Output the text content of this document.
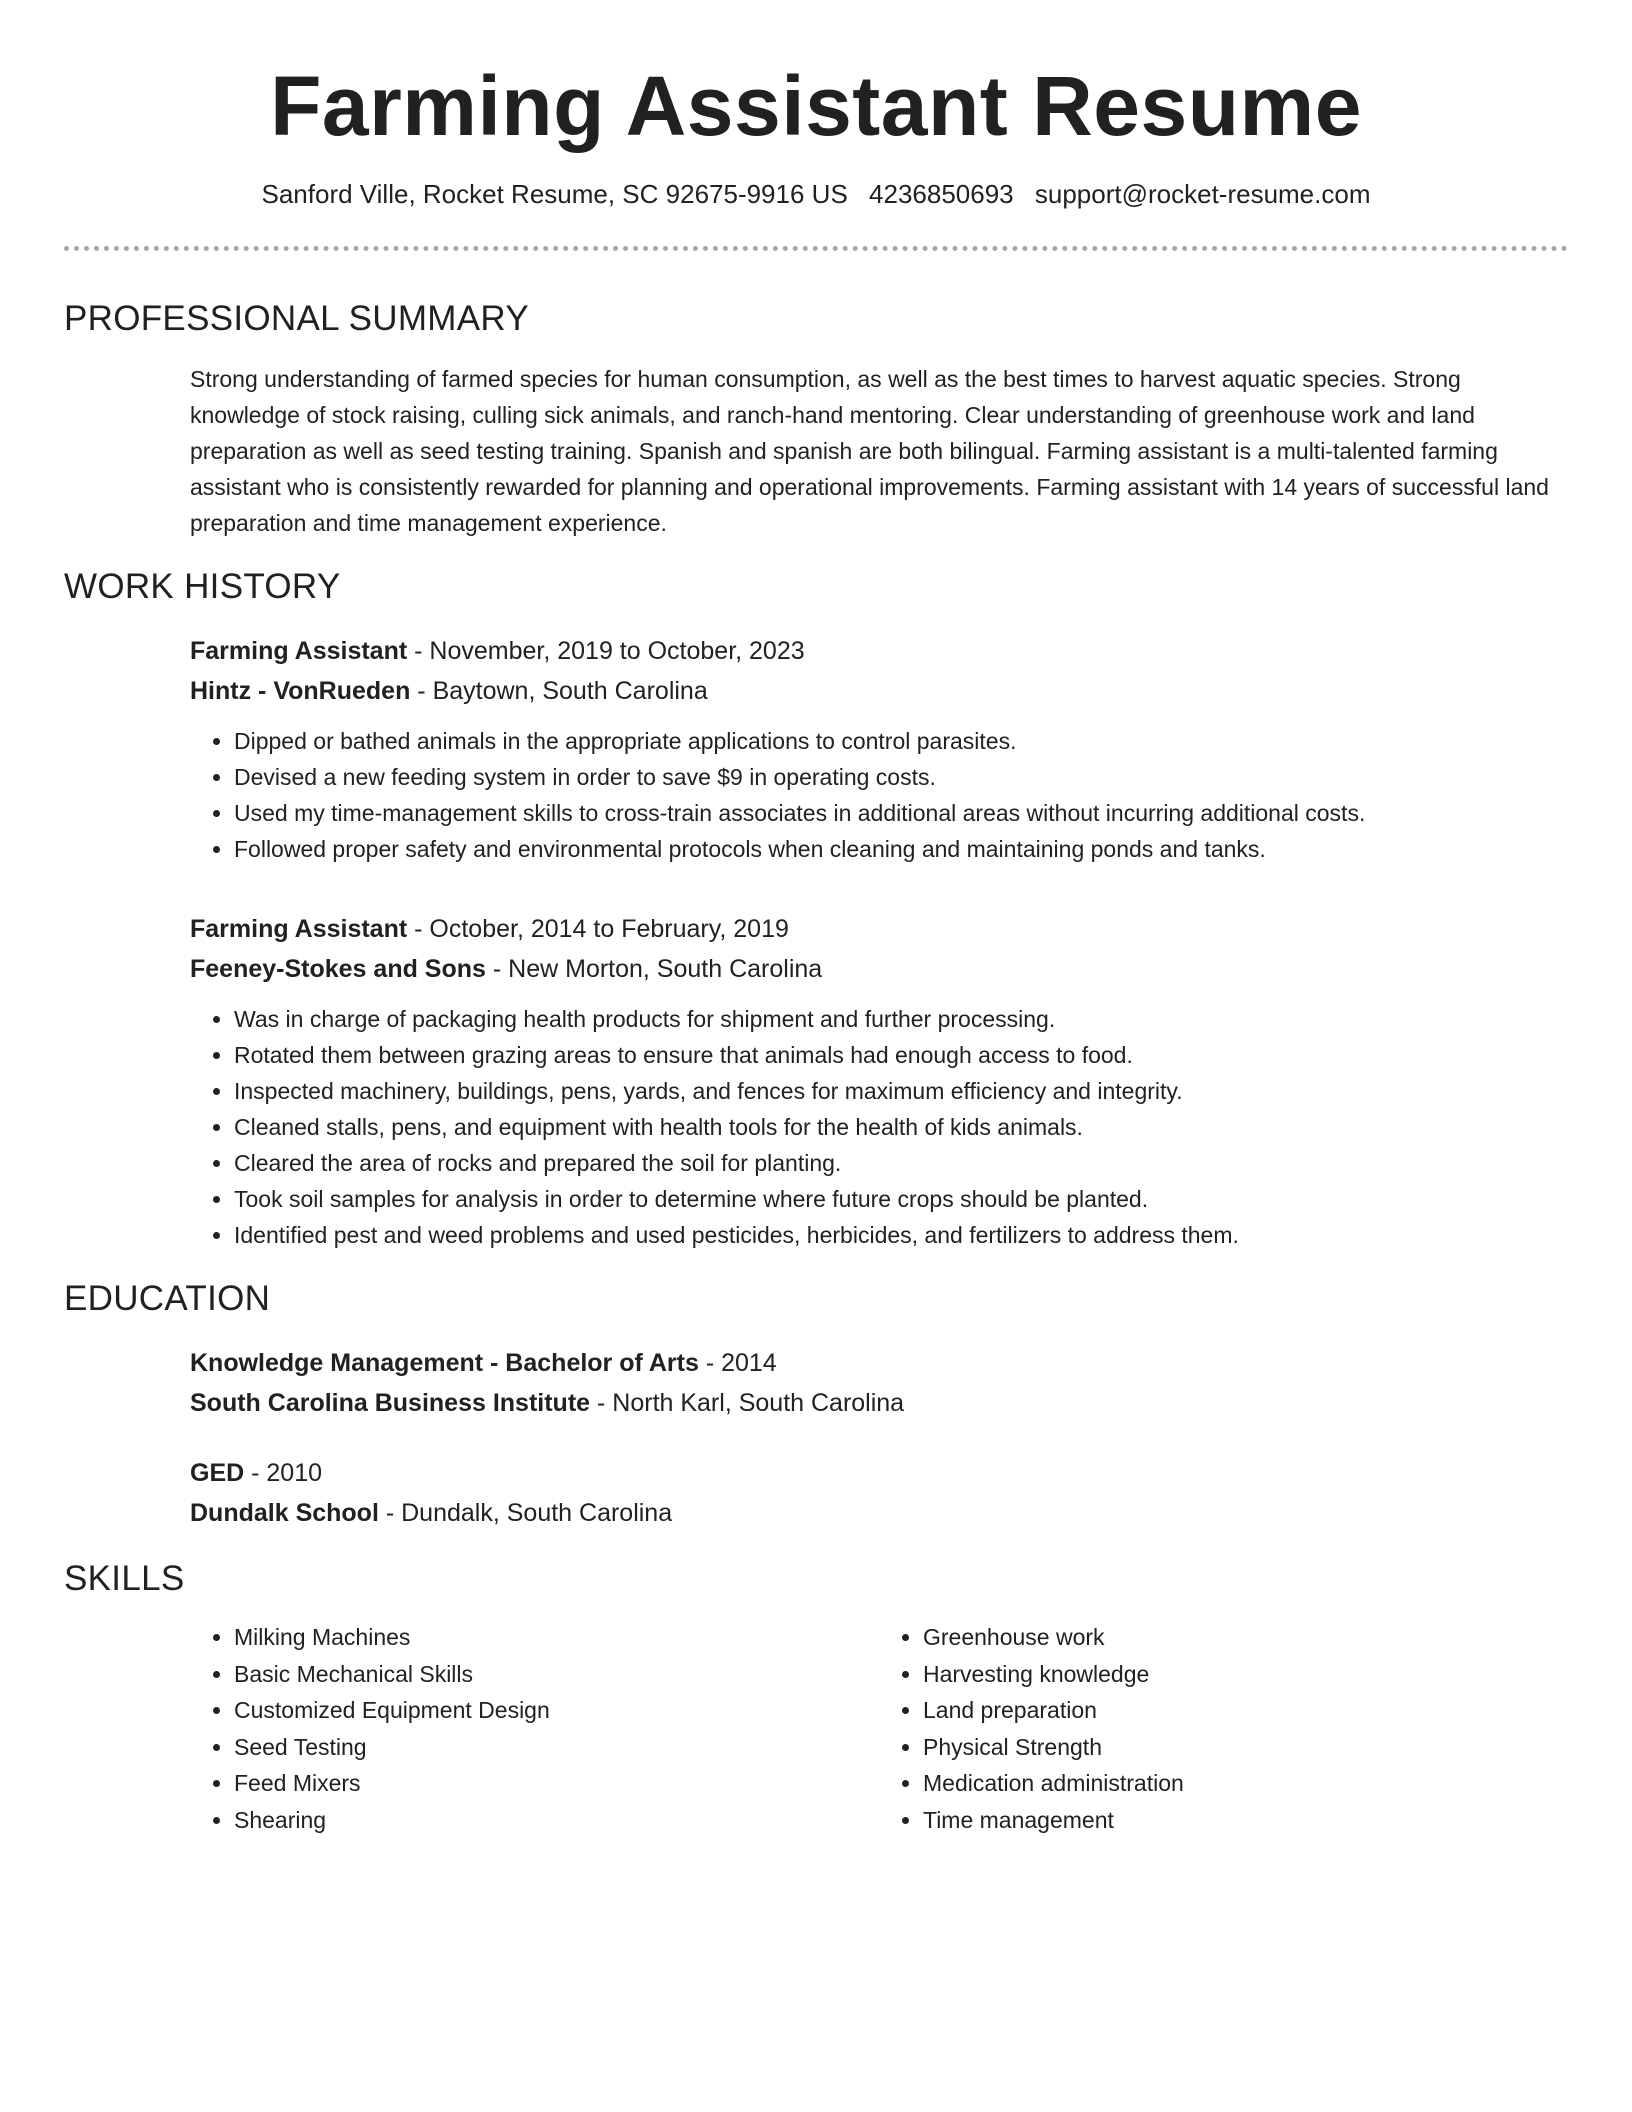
Farming Assistant Resume
Sanford Ville, Rocket Resume, SC 92675-9916 US 4236850693 support@rocket-resume.com
PROFESSIONAL SUMMARY
Strong understanding of farmed species for human consumption, as well as the best times to harvest aquatic species. Strong knowledge of stock raising, culling sick animals, and ranch-hand mentoring. Clear understanding of greenhouse work and land preparation as well as seed testing training. Spanish and spanish are both bilingual. Farming assistant is a multi-talented farming assistant who is consistently rewarded for planning and operational improvements. Farming assistant with 14 years of successful land preparation and time management experience.
WORK HISTORY
Farming Assistant - November, 2019 to October, 2023
Hintz - VonRueden - Baytown, South Carolina
• Dipped or bathed animals in the appropriate applications to control parasites.
• Devised a new feeding system in order to save $9 in operating costs.
• Used my time-management skills to cross-train associates in additional areas without incurring additional costs.
• Followed proper safety and environmental protocols when cleaning and maintaining ponds and tanks.
Farming Assistant - October, 2014 to February, 2019
Feeney-Stokes and Sons - New Morton, South Carolina
• Was in charge of packaging health products for shipment and further processing.
• Rotated them between grazing areas to ensure that animals had enough access to food.
• Inspected machinery, buildings, pens, yards, and fences for maximum efficiency and integrity.
• Cleaned stalls, pens, and equipment with health tools for the health of kids animals.
• Cleared the area of rocks and prepared the soil for planting.
• Took soil samples for analysis in order to determine where future crops should be planted.
• Identified pest and weed problems and used pesticides, herbicides, and fertilizers to address them.
EDUCATION
Knowledge Management - Bachelor of Arts - 2014
South Carolina Business Institute - North Karl, South Carolina
GED - 2010
Dundalk School - Dundalk, South Carolina
SKILLS
• Milking Machines
• Basic Mechanical Skills
• Customized Equipment Design
• Seed Testing
• Feed Mixers
• Shearing
• Greenhouse work
• Harvesting knowledge
• Land preparation
• Physical Strength
• Medication administration
• Time management
